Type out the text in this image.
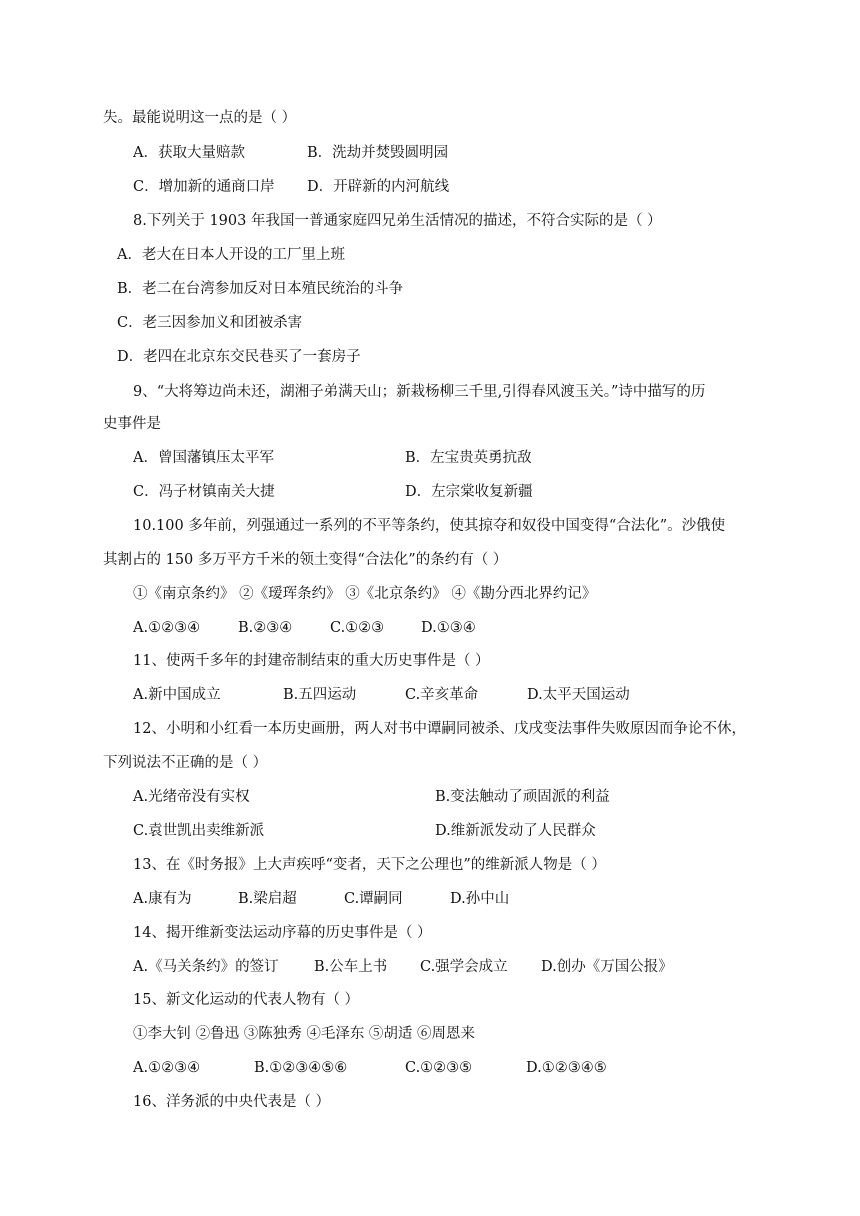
失。最能说明这一点的是（ ）
A．获取大量赔款	B．洗劫并焚毁圆明园
C．增加新的通商口岸 D．开辟新的内河航线
8.下列关于 1903 年我国一普通家庭四兄弟生活情况的描述，不符合实际的是（ ）
A．老大在日本人开设的工厂里上班
B．老二在台湾参加反对日本殖民统治的斗争
C．老三因参加义和团被杀害
D．老四在北京东交民巷买了一套房子
9、“大将筹边尚未还，湖湘子弟满天山；新栽杨柳三千里,引得春风渡玉关。”诗中描写的历
史事件是
A．曾国藩镇压太平军	B．左宝贵英勇抗敌
C．冯子材镇南关大捷	D．左宗棠收复新疆
10.100 多年前，列强通过一系列的不平等条约，使其掠夺和奴役中国变得“合法化”。沙俄使
其割占的 150 多万平方千米的领土变得“合法化”的条约有（ ）
①《南京条约》 ②《瑷珲条约》 ③《北京条约》 ④《勘分西北界约记》
A.①②③④	B.②③④	C.①②③	D.①③④
11、使两千多年的封建帝制结束的重大历史事件是（ ）
A.新中国成立	B.五四运动	C.辛亥革命	D.太平天国运动
12、小明和小红看一本历史画册，两人对书中谭嗣同被杀、戊戌变法事件失败原因而争论不休，
下列说法不正确的是（ ）
A.光绪帝没有实权	B.变法触动了顽固派的利益
C.袁世凯出卖维新派	D.维新派发动了人民群众
13、在《时务报》上大声疾呼“变者，天下之公理也”的维新派人物是（ ）
A.康有为	B.梁启超	C.谭嗣同	D.孙中山
14、揭开维新变法运动序幕的历史事件是（ ）
A.《马关条约》的签订 B.公车上书 C.强学会成立 D.创办《万国公报》
15、新文化运动的代表人物有（ ）
①李大钊 ②鲁迅 ③陈独秀 ④毛泽东 ⑤胡适 ⑥周恩来
A.①②③④	B.①②③④⑤⑥	C.①②③⑤	D.①②③④⑤
16、洋务派的中央代表是（ ）
